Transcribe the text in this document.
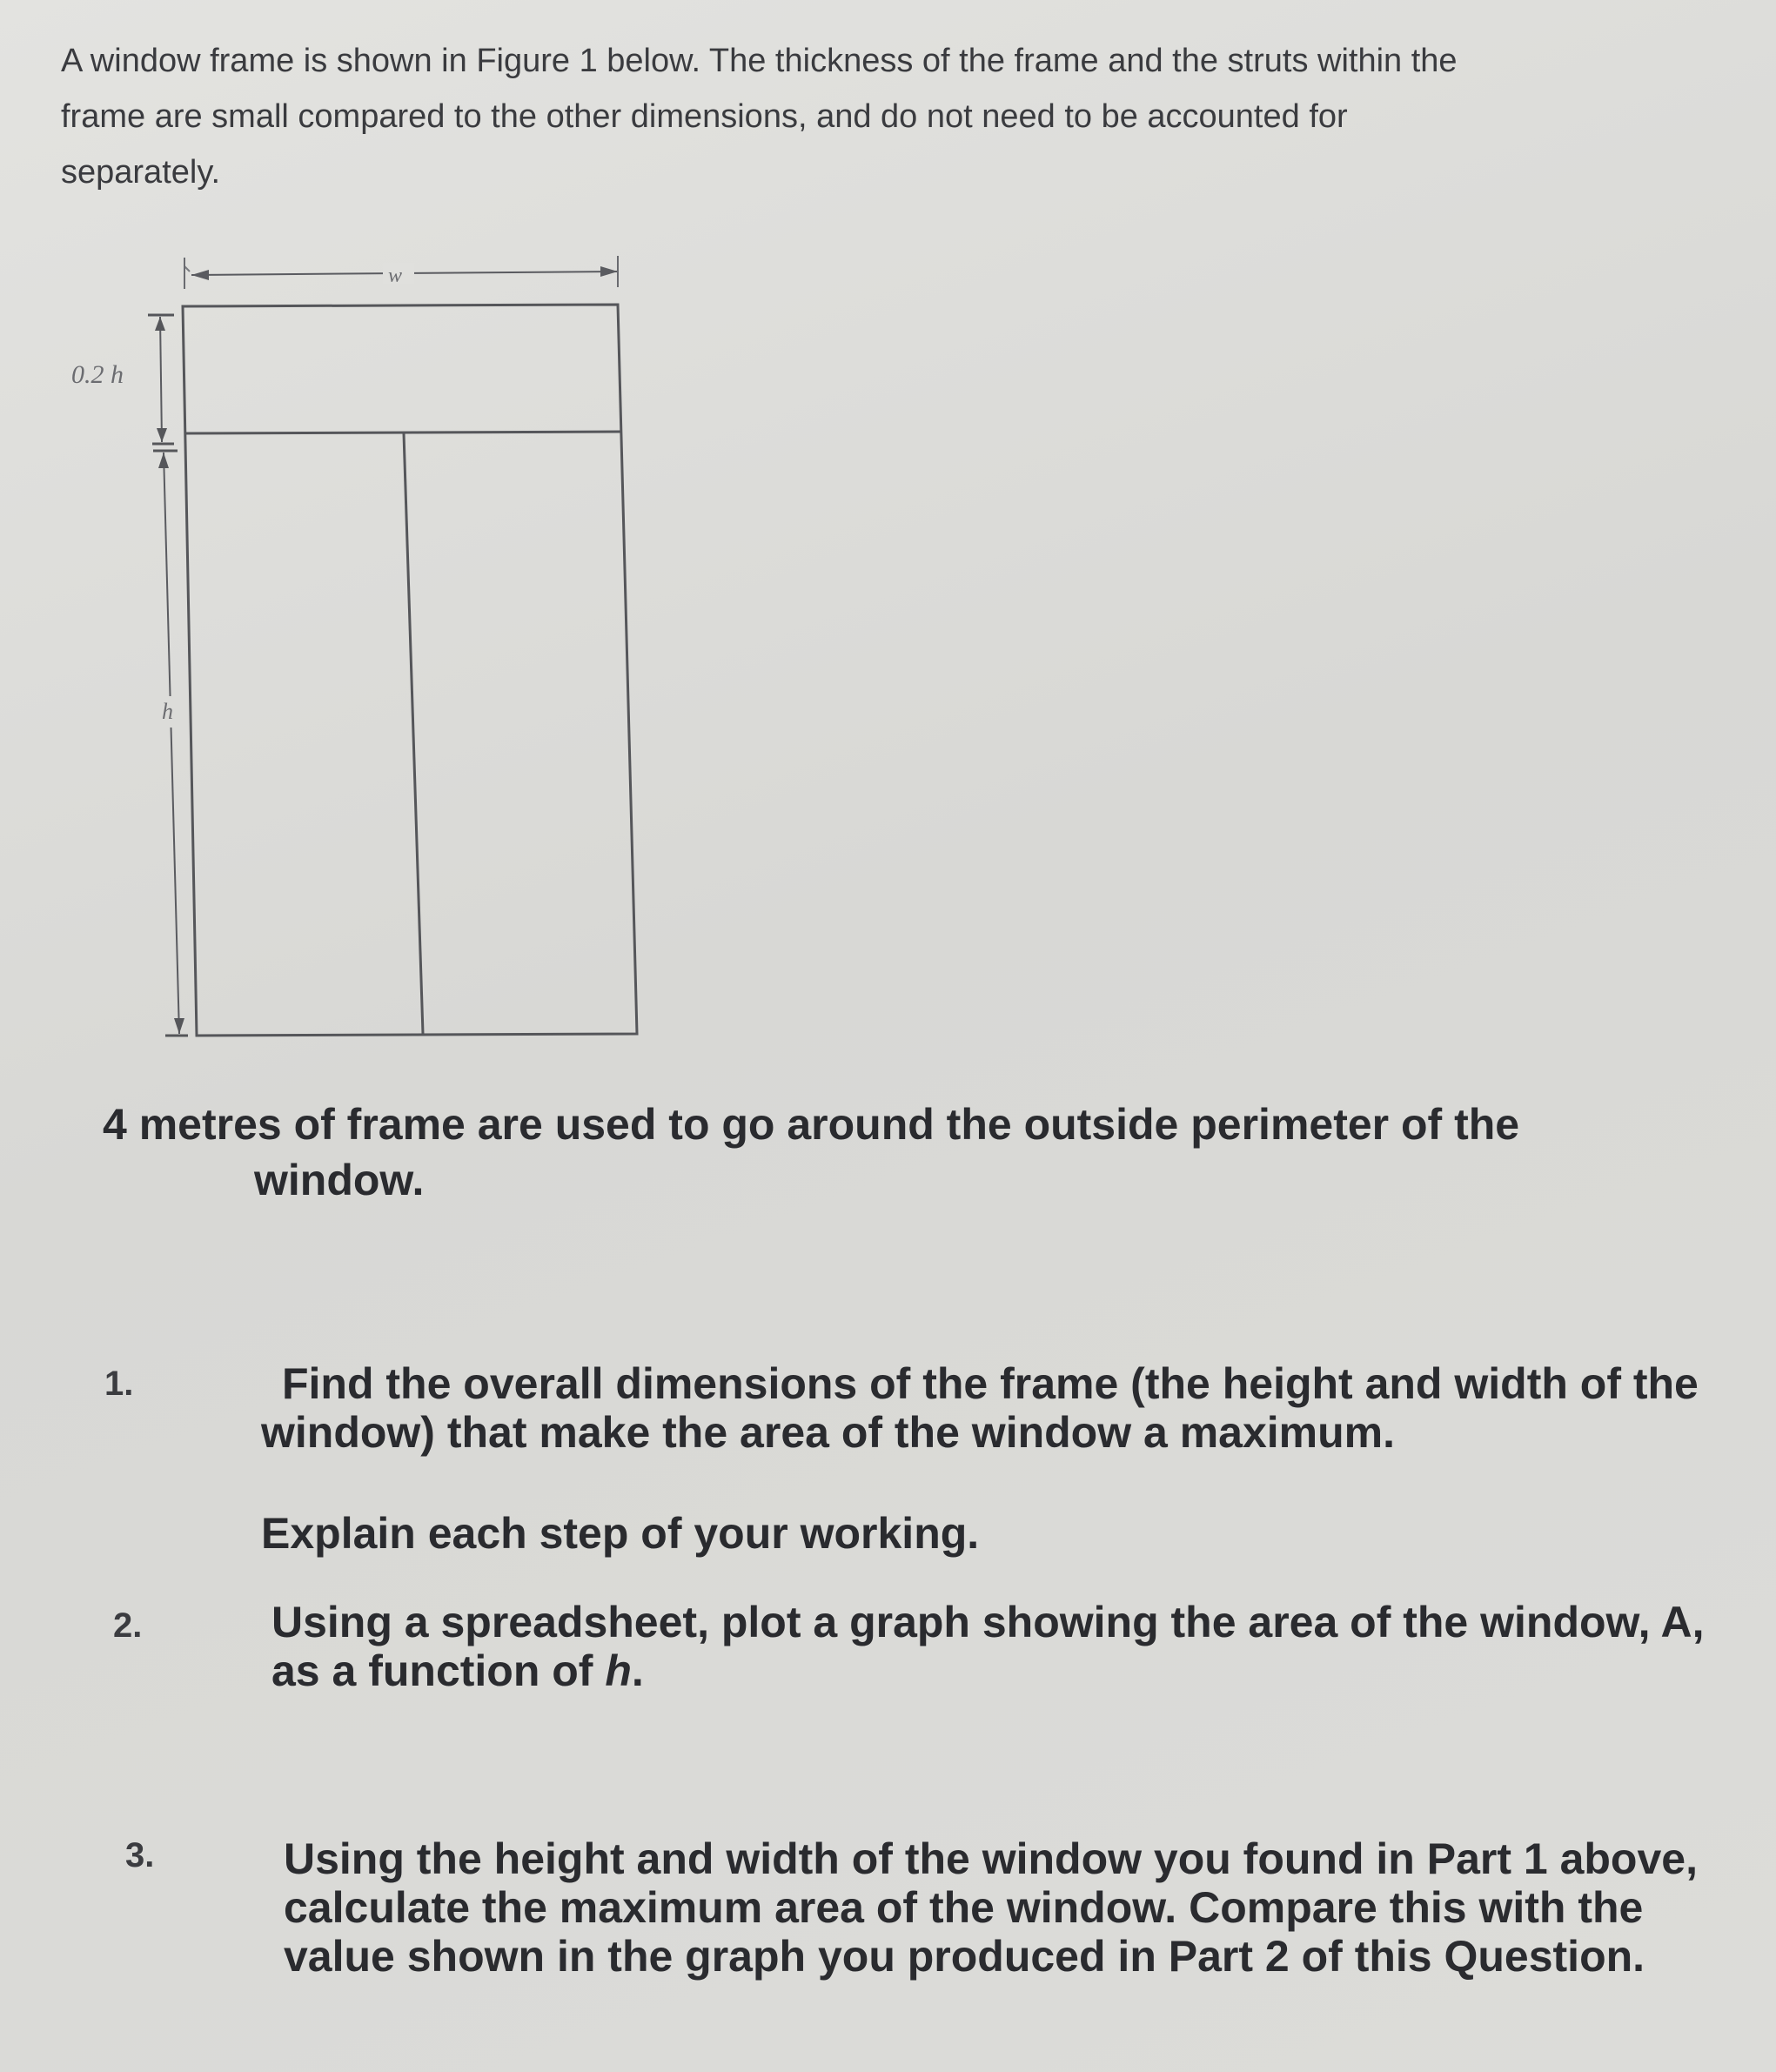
A window frame is shown in Figure 1 below. The thickness of the frame and the struts within the frame are small compared to the other dimensions, and do not need to be accounted for separately.

w
0.2 h
h
4 metres of frame are used to go around the outside perimeter of the
window.
1.	Find the overall dimensions of the frame (the height and width of the window) that make the area of the window a maximum.
Explain each step of your working.
2.	Using a spreadsheet, plot a graph showing the area of the window, A, as a function of h.
3.	Using the height and width of the window you found in Part 1 above, calculate the maximum area of the window. Compare this with the value shown in the graph you produced in Part 2 of this Question.
